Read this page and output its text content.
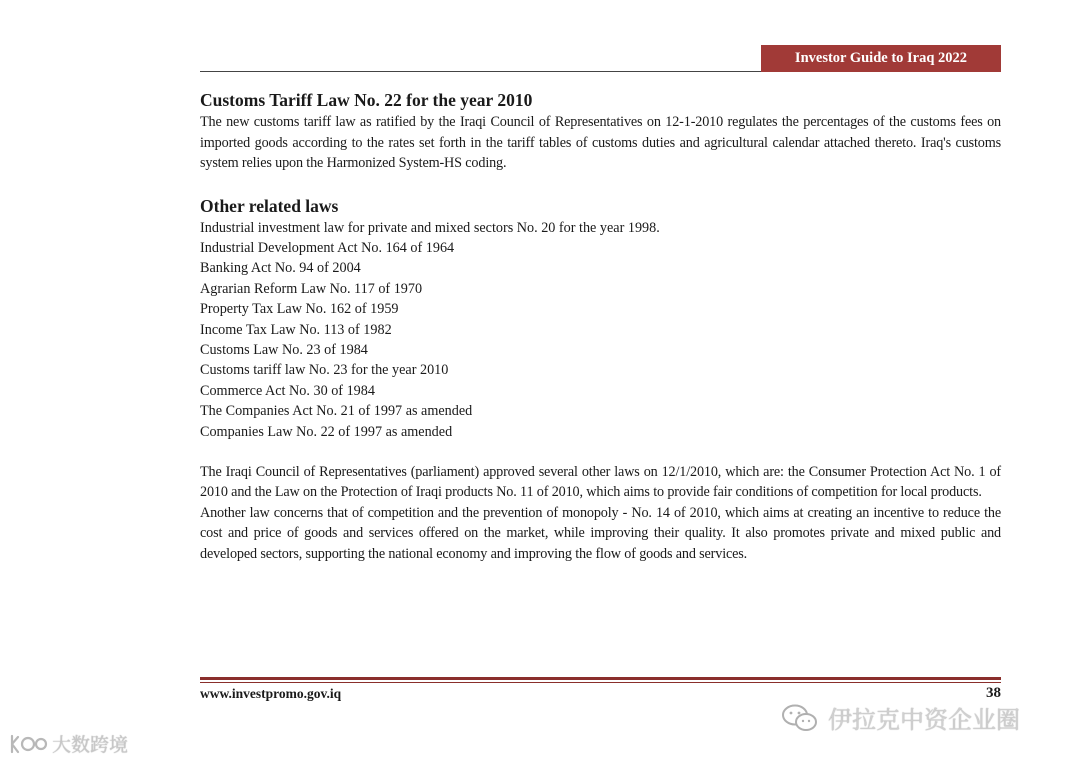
Investor Guide to Iraq 2022
Customs Tariff Law No. 22 for the year 2010

The new customs tariff law as ratified by the Iraqi Council of Representatives on 12-1-2010 regulates the percentages of the customs fees on imported goods according to the rates set forth in the tariff tables of customs duties and agricultural calendar attached thereto. Iraq's customs system relies upon the Harmonized System-HS coding.

Other related laws
Industrial investment law for private and mixed sectors No. 20 for the year 1998.
Industrial Development Act No. 164 of 1964
Banking Act No. 94 of 2004
Agrarian Reform Law No. 117 of 1970
Property Tax Law No. 162 of 1959
Income Tax Law No. 113 of 1982
Customs Law No. 23 of 1984
Customs tariff law No. 23 for the year 2010
Commerce Act No. 30 of 1984
The Companies Act No. 21 of 1997 as amended
Companies Law No. 22 of 1997 as amended

The Iraqi Council of Representatives (parliament) approved several other laws on 12/1/2010, which are: the Consumer Protection Act No. 1 of 2010 and the Law on the Protection of Iraqi products No. 11 of 2010, which aims to provide fair conditions of competition for local products.

Another law concerns that of competition and the prevention of monopoly - No. 14 of 2010, which aims at creating an incentive to reduce the cost and price of goods and services offered on the market, while improving their quality. It also promotes private and mixed public and developed sectors, supporting the national economy and improving the flow of goods and services.

www.investpromo.gov.iq	38
大数跨境
伊拉克中资企业圈
